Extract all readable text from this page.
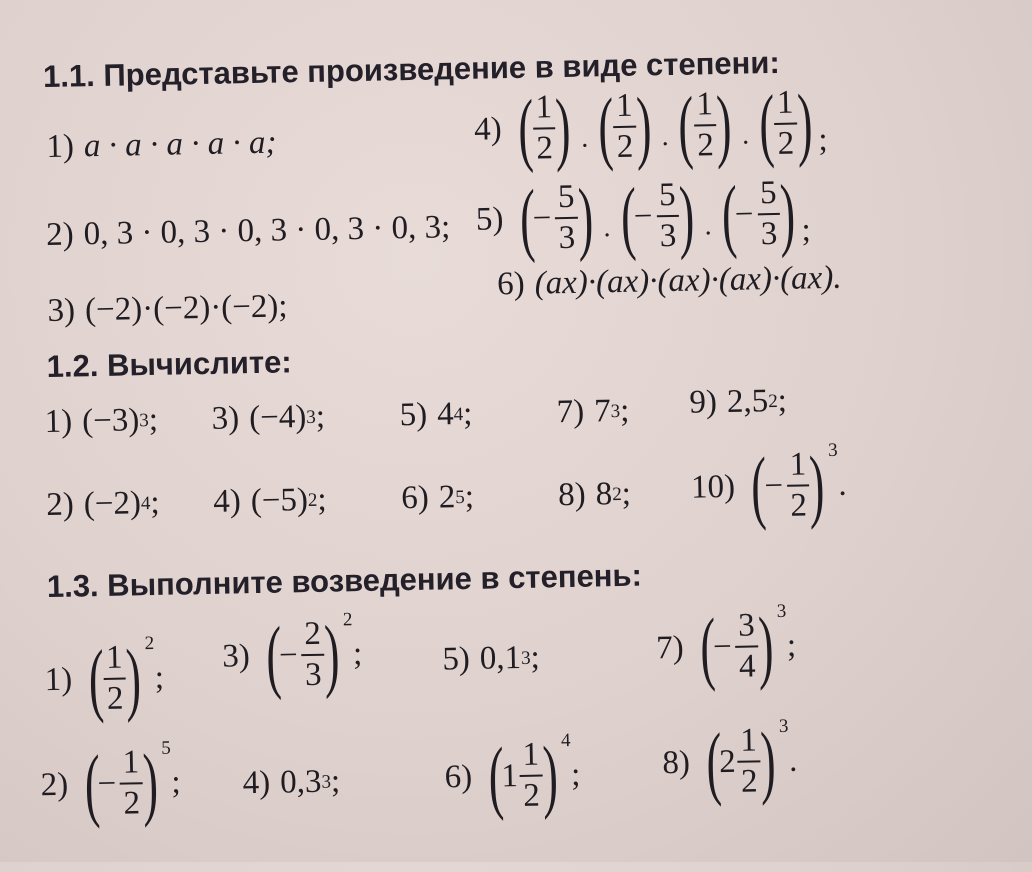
1.1. Представьте произведение в виде степени:
1) a · a · a · a · a;
2) 0, 3 · 0, 3 · 0, 3 · 0, 3 · 0, 3;
3) (−2)·(−2)·(−2);
4) (
$\frac{1}{2}$
) · (
$\frac{1}{2}$
) · (
$\frac{1}{2}$
) · (
$\frac{1}{2}$
) ;
5) (
− $\frac{5}{3}$
) · (
− $\frac{5}{3}$
) · (
− $\frac{5}{3}$
) ;
6) (ax)·(ax)·(ax)·(ax)·(ax).
1.2. Вычислите:
1.3. Выполните возведение в степень:
1) (−3) 3 ; 3) (−4) 3 ; 5) 4 4 ;	7) 7 3 ; 9) 2,5 2 ;
2) (−2) 4 ; 4) (−5) 2 ; 6) 2 5 ;	8) 8 2 ; 10) (
− $\frac{1}{2}$
) 3
.
1) (
$\frac{1}{2}$
) 2
;
3) (
− $\frac{2}{3}$
) 2
; 5) 0,1 3 ;	7) (
− $\frac{3}{4}$
) 3
;
2) (
− $\frac{1}{2}$
) 5
; 4) 0,3 3 ;	6) (
$1 \frac{1}{2}$
) 4
; 8) (
$2 \frac{1}{2}$
) 3
.
